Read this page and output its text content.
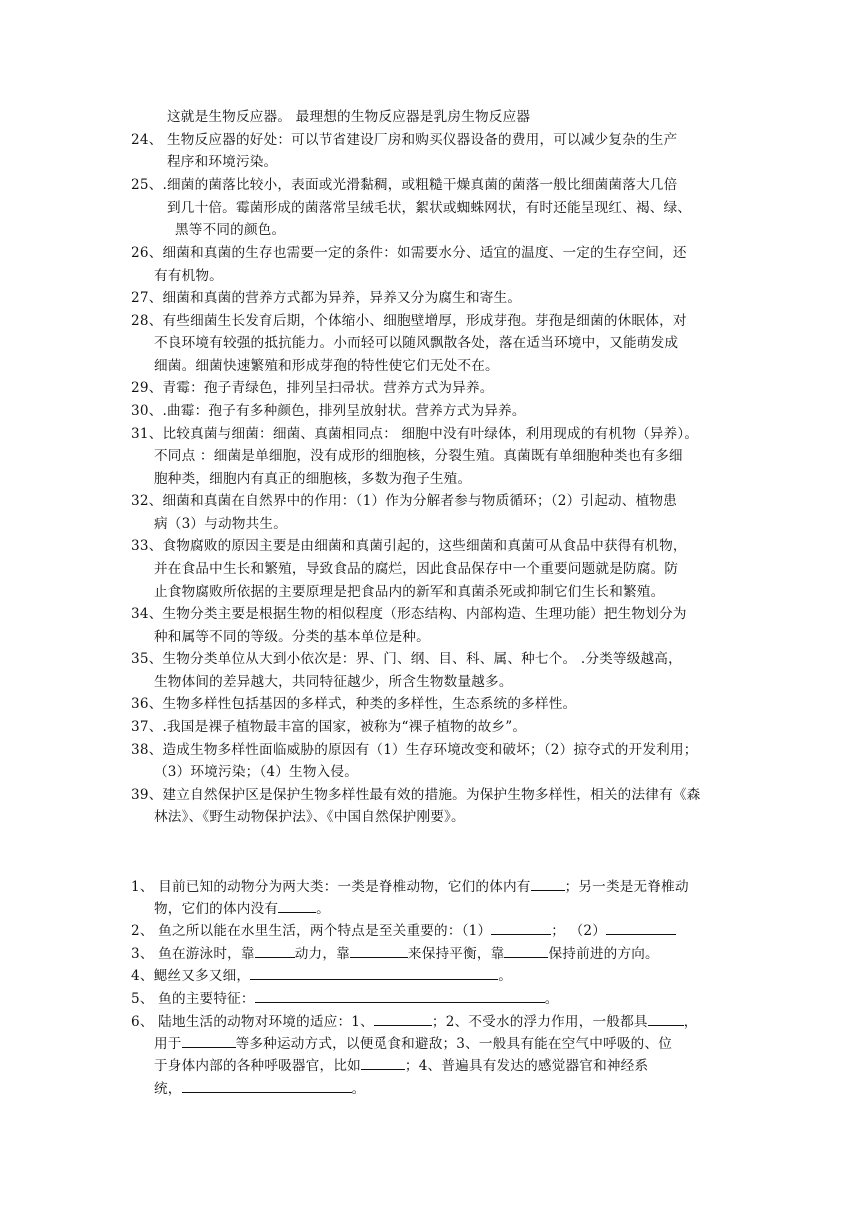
这就是生物反应器。 最理想的生物反应器是乳房生物反应器
24、 生物反应器的好处：可以节省建设厂房和购买仪器设备的费用，可以减少复杂的生产
程序和环境污染。
25、.细菌的菌落比较小，表面或光滑黏稠，或粗糙干燥真菌的菌落一般比细菌菌落大几倍
到几十倍。霉菌形成的菌落常呈绒毛状，絮状或蜘蛛网状，有时还能呈现红、褐、绿、
黑等不同的颜色。
26、细菌和真菌的生存也需要一定的条件：如需要水分、适宜的温度、一定的生存空间，还
有有机物。
27、细菌和真菌的营养方式都为异养，异养又分为腐生和寄生。
28、有些细菌生长发育后期，个体缩小、细胞壁增厚，形成芽孢。芽孢是细菌的休眠体，对
不良环境有较强的抵抗能力。小而轻可以随风飘散各处，落在适当环境中，又能萌发成
细菌。细菌快速繁殖和形成芽孢的特性使它们无处不在。
29、青霉：孢子青绿色，排列呈扫帚状。营养方式为异养。
30、.曲霉：孢子有多种颜色，排列呈放射状。营养方式为异养。
31、比较真菌与细菌：细菌、真菌相同点： 细胞中没有叶绿体，利用现成的有机物（异养）。
不同点 ：细菌是单细胞，没有成形的细胞核，分裂生殖。真菌既有单细胞种类也有多细
胞种类，细胞内有真正的细胞核，多数为孢子生殖。
32、细菌和真菌在自然界中的作用：（1）作为分解者参与物质循环；（2）引起动、植物患
病（3）与动物共生。
33、食物腐败的原因主要是由细菌和真菌引起的，这些细菌和真菌可从食品中获得有机物，
并在食品中生长和繁殖，导致食品的腐烂，因此食品保存中一个重要问题就是防腐。防
止食物腐败所依据的主要原理是把食品内的新军和真菌杀死或抑制它们生长和繁殖。
34、生物分类主要是根据生物的相似程度（形态结构、内部构造、生理功能）把生物划分为
种和属等不同的等级。分类的基本单位是种。
35、生物分类单位从大到小依次是：界、门、纲、目、科、属、种七个。 .分类等级越高，
生物体间的差异越大，共同特征越少，所含生物数量越多。
36、生物多样性包括基因的多样式，种类的多样性，生态系统的多样性。
37、.我国是裸子植物最丰富的国家，被称为“裸子植物的故乡”。
38、造成生物多样性面临威胁的原因有（1）生存环境改变和破坏；（2）掠夺式的开发利用；
（3）环境污染；（4）生物入侵。
39、建立自然保护区是保护生物多样性最有效的措施。为保护生物多样性，相关的法律有《森
林法》、《野生动物保护法》、《中国自然保护刚要》。
1、 目前已知的动物分为两大类：一类是脊椎动物，它们的体内有	；另一类是无脊椎动
物，它们的体内没有	。
2、 鱼之所以能在水里生活，两个特点是至关重要的：（1）	； （2）
3、 鱼在游泳时，靠	动力，靠	来保持平衡，靠	保持前进的方向。
4、鳃丝又多又细，	。
5、 鱼的主要特征：	。
6、 陆地生活的动物对环境的适应：1、	；2、不受水的浮力作用，一般都具	，
用于	等多种运动方式，以便觅食和避敌；3、一般具有能在空气中呼吸的、位
于身体内部的各种呼吸器官，比如	；4、普遍具有发达的感觉器官和神经系
统，	。
